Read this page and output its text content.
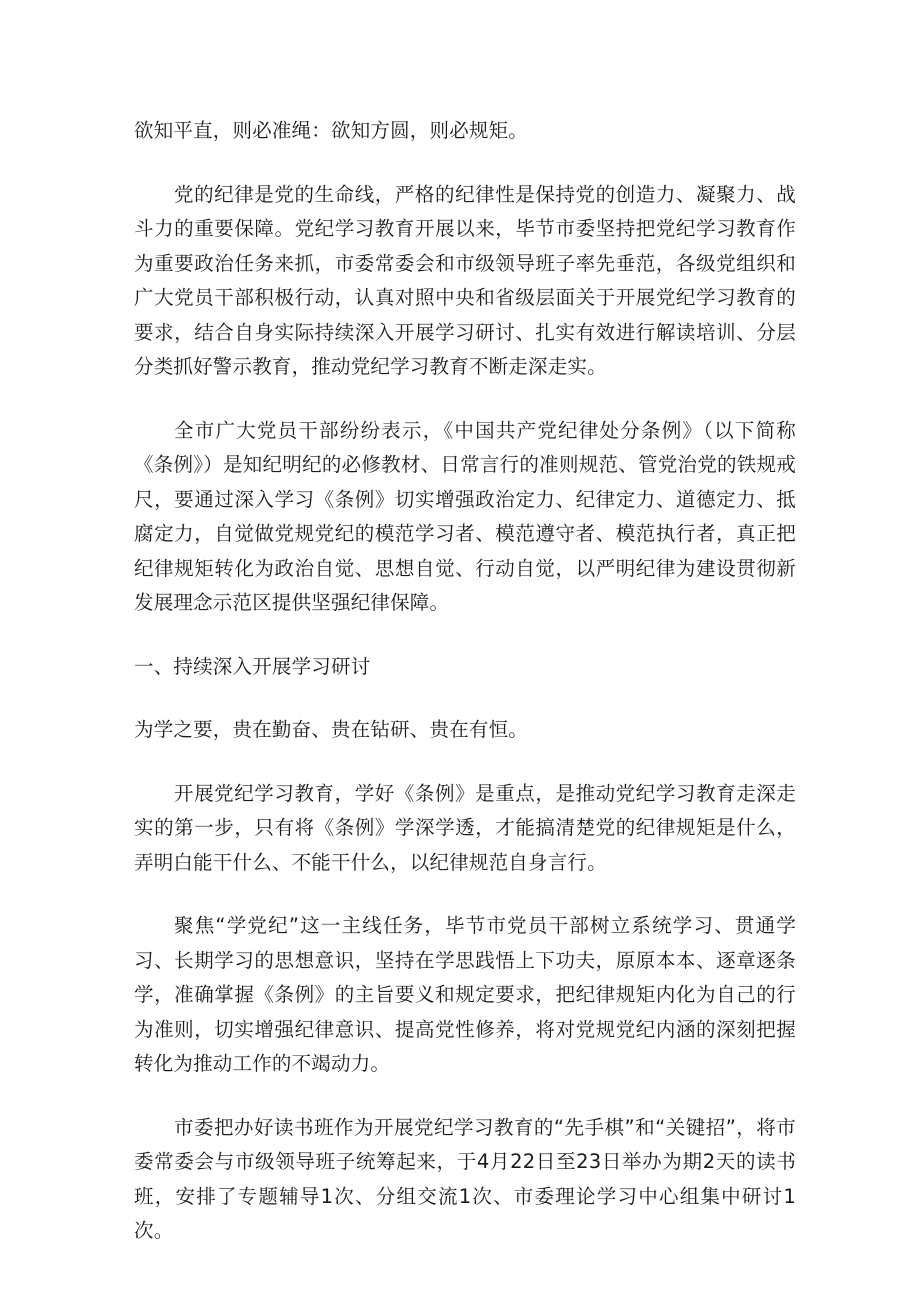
欲知平直，则必准绳：欲知方圆，则必规矩。

党的纪律是党的生命线，严格的纪律性是保持党的创造力、凝聚力、战斗力的重要保障。党纪学习教育开展以来，毕节市委坚持把党纪学习教育作为重要政治任务来抓，市委常委会和市级领导班子率先垂范，各级党组织和广大党员干部积极行动，认真对照中央和省级层面关于开展党纪学习教育的要求，结合自身实际持续深入开展学习研讨、扎实有效进行解读培训、分层分类抓好警示教育，推动党纪学习教育不断走深走实。

全市广大党员干部纷纷表示，《中国共产党纪律处分条例》（以下简称《条例》）是知纪明纪的必修教材、日常言行的准则规范、管党治党的铁规戒尺，要通过深入学习《条例》切实增强政治定力、纪律定力、道德定力、抵腐定力，自觉做党规党纪的模范学习者、模范遵守者、模范执行者，真正把纪律规矩转化为政治自觉、思想自觉、行动自觉，以严明纪律为建设贯彻新发展理念示范区提供坚强纪律保障。

一、持续深入开展学习研讨

为学之要，贵在勤奋、贵在钻研、贵在有恒。

开展党纪学习教育，学好《条例》是重点，是推动党纪学习教育走深走实的第一步，只有将《条例》学深学透，才能搞清楚党的纪律规矩是什么，弄明白能干什么、不能干什么，以纪律规范自身言行。

聚焦“学党纪”这一主线任务，毕节市党员干部树立系统学习、贯通学习、长期学习的思想意识，坚持在学思践悟上下功夫，原原本本、逐章逐条学，准确掌握《条例》的主旨要义和规定要求，把纪律规矩内化为自己的行为准则，切实增强纪律意识、提高党性修养，将对党规党纪内涵的深刻把握转化为推动工作的不竭动力。

市委把办好读书班作为开展党纪学习教育的“先手棋”和“关键招”，将市委常委会与市级领导班子统筹起来，于4月22日至23日举办为期2天的读书班，安排了专题辅导1次、分组交流1次、市委理论学习中心组集中研讨1次。
